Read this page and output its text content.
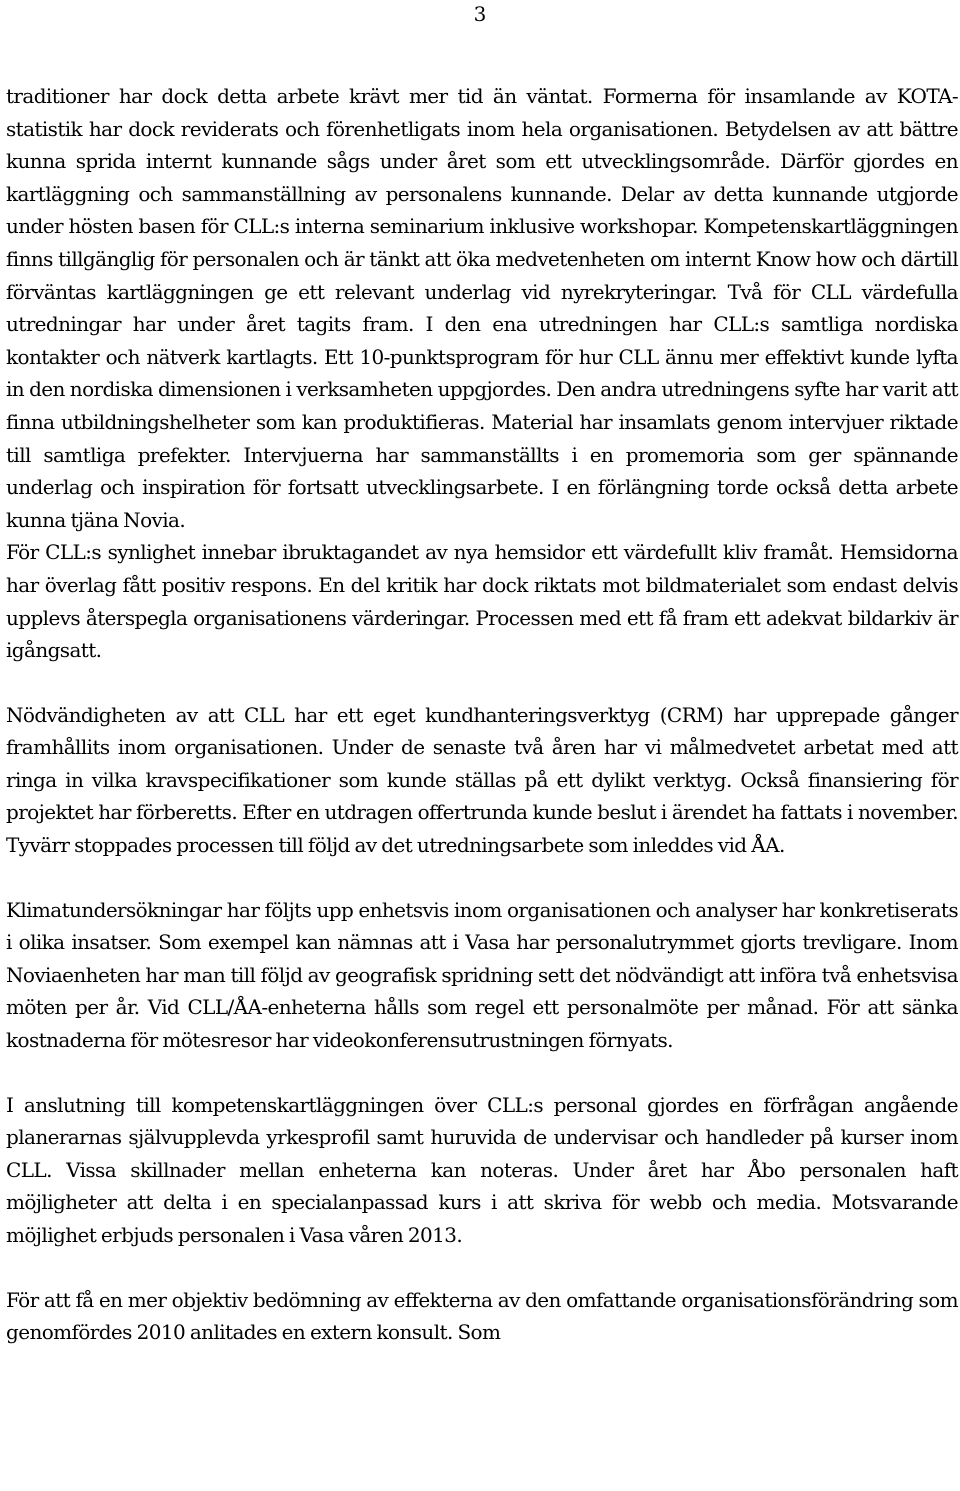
3

traditioner har dock detta arbete krävt mer tid än väntat. Formerna för insamlande av KOTA-statistik har dock reviderats och förenhetligats inom hela organisationen. Betydelsen av att bättre kunna sprida internt kunnande sågs under året som ett utvecklingsområde. Därför gjordes en kartläggning och sammanställning av personalens kunnande. Delar av detta kunnande utgjorde under hösten basen för CLL:s interna seminarium inklusive workshopar. Kompetenskartläggningen finns tillgänglig för personalen och är tänkt att öka medvetenheten om internt Know how och därtill förväntas kartläggningen ge ett relevant underlag vid nyrekryteringar. Två för CLL värdefulla utredningar har under året tagits fram. I den ena utredningen har CLL:s samtliga nordiska kontakter och nätverk kartlagts. Ett 10-punktsprogram för hur CLL ännu mer effektivt kunde lyfta in den nordiska dimensionen i verksamheten uppgjordes. Den andra utredningens syfte har varit att finna utbildningshelheter som kan produktifieras. Material har insamlats genom intervjuer riktade till samtliga prefekter. Intervjuerna har sammanställts i en promemoria som ger spännande underlag och inspiration för fortsatt utvecklingsarbete. I en förlängning torde också detta arbete kunna tjäna Novia.

För CLL:s synlighet innebar ibruktagandet av nya hemsidor ett värdefullt kliv framåt. Hemsidorna har överlag fått positiv respons. En del kritik har dock riktats mot bildmaterialet som endast delvis upplevs återspegla organisationens värderingar. Processen med ett få fram ett adekvat bildarkiv är igångsatt.

Nödvändigheten av att CLL har ett eget kundhanteringsverktyg (CRM) har upprepade gånger framhållits inom organisationen. Under de senaste två åren har vi målmedvetet arbetat med att ringa in vilka kravspecifikationer som kunde ställas på ett dylikt verktyg. Också finansiering för projektet har förberetts. Efter en utdragen offertrunda kunde beslut i ärendet ha fattats i november. Tyvärr stoppades processen till följd av det utredningsarbete som inleddes vid ÅA.

Klimatundersökningar har följts upp enhetsvis inom organisationen och analyser har konkretiserats i olika insatser. Som exempel kan nämnas att i Vasa har personalutrymmet gjorts trevligare. Inom Noviaenheten har man till följd av geografisk spridning sett det nödvändigt att införa två enhetsvisa möten per år. Vid CLL/ÅA-enheterna hålls som regel ett personalmöte per månad. För att sänka kostnaderna för mötesresor har videokonferensutrustningen förnyats.

I anslutning till kompetenskartläggningen över CLL:s personal gjordes en förfrågan angående planerarnas självupplevda yrkesprofil samt huruvida de undervisar och handleder på kurser inom CLL. Vissa skillnader mellan enheterna kan noteras. Under året har Åbo personalen haft möjligheter att delta i en specialanpassad kurs i att skriva för webb och media. Motsvarande möjlighet erbjuds personalen i Vasa våren 2013.

För att få en mer objektiv bedömning av effekterna av den omfattande organisationsförändring som genomfördes 2010 anlitades en extern konsult. Som
